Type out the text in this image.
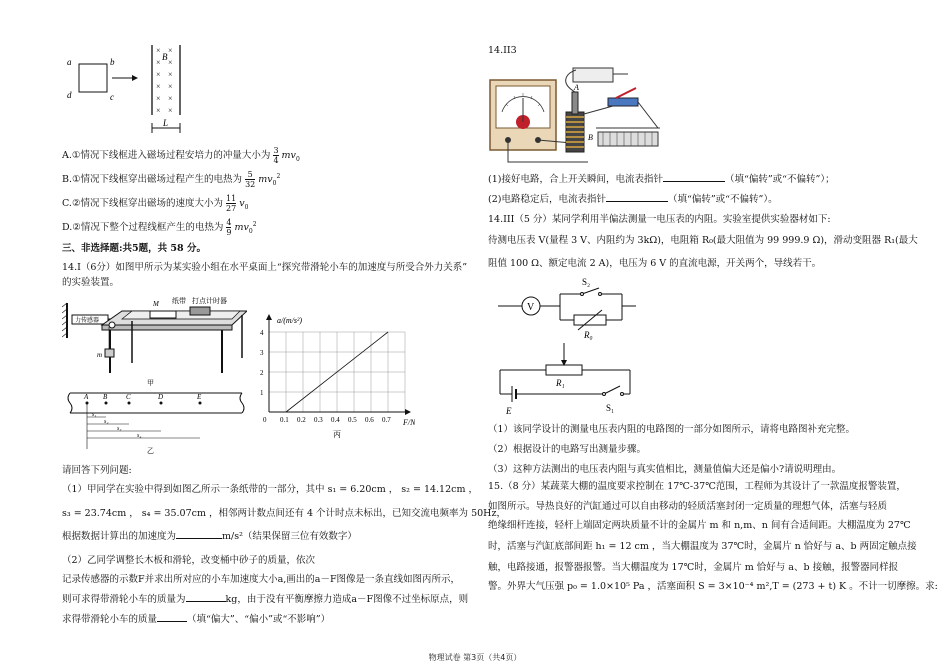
a
d
b
c
× ×
× ×
× ×
× ×
× ×
× ×
B
L
A.①情况下线框进入磁场过程安培力的冲量大小为 $\frac{3}{4} mv_0$
B.①情况下线框穿出磁场过程产生的电热为 $\frac{5}{32} mv_0^2$
C.②情况下线框穿出磁场的速度大小为 $\frac{11}{27} v_0$
D.②情况下整个过程线框产生的电热为 $\frac{4}{9} mv_0^2$
三、非选择题:共5题，共 58 分。
14.I（6分）如图甲所示为某实验小组在水平桌面上“探究带滑轮小车的加速度与所受合外力关系”
的实验装置。
力传感器
M 纸带 打点计时器
m
甲
A B	C	D	E
s₁
s₂
s₃
s₄
乙
a/(m/s²)
F/N
丙
0 0.1 0.2 0.3 0.4 0.5 0.6 0.7
1
2
3
4
请回答下列问题:
（1）甲同学在实验中得到如图乙所示一条纸带的一部分，其中 s₁ = 6.20cm ， s₂ = 14.12cm ，
s₃ = 23.74cm ， s₄ = 35.07cm ，相邻两计数点间还有 4 个计时点未标出，已知交流电频率为 50Hz，
根据数据计算出的加速度为	m/s²（结果保留三位有效数字）
（2）乙同学调整长木板和滑轮，改变桶中砂子的质量，依次
记录传感器的示数F并求出所对应的小车加速度大小a,画出的a－F图像是一条直线如图丙所示，
则可求得带滑轮小车的质量为	kg，由于没有平衡摩擦力造成a－F图像不过坐标原点，则
求得带滑轮小车的质量	（填“偏大”、“偏小”或“不影响”）
14.II3
A
B
(1)接好电路，合上开关瞬间，电流表指针	（填“偏转”或“不偏转”）；
(2)电路稳定后，电流表指针	（填“偏转”或“不偏转”）。
14.III（5 分）某同学利用半偏法测量一电压表的内阻。实验室提供实验器材如下:
待测电压表 V(量程 3 V、内阻约为 3kΩ)，电阻箱 R₀(最大阻值为 99 999.9 Ω)，滑动变阻器 R₁(最大
阻值 100 Ω、额定电流 2 A)，电压为 6 V 的直流电源，开关两个，导线若干。
V
S₂
R₀
R₁
E	S₁
（1）该同学设计的测量电压表内阻的电路图的一部分如图所示，请将电路图补充完整。
（2）根据设计的电路写出测量步骤。
（3）这种方法测出的电压表内阻与真实值相比，测量值偏大还是偏小?请说明理由。
15.（8 分）某蔬菜大棚的温度要求控制在 17℃-37℃范围，工程师为其设计了一款温度报警装置，
如图所示。导热良好的汽缸通过可以自由移动的轻质活塞封闭一定质量的理想气体，活塞与轻质
绝缘细杆连接，轻杆上端固定两块质量不计的金属片 m 和 n,m、n 间有合适间距。大棚温度为 27℃
时，活塞与汽缸底部间距 h₁ = 12 cm ，当大棚温度为 37℃时，金属片 n 恰好与 a、b 两固定触点接
触，电路接通，报警器报警。当大棚温度为 17℃时，金属片 m 恰好与 a、b 接触，报警器同样报
警。外界大气压强 p₀ = 1.0×10⁵ Pa ，活塞面积 S = 3×10⁻⁴ m²,T = (273 + t) K 。不计一切摩擦。求:
物理试卷 第3页（共4页）
